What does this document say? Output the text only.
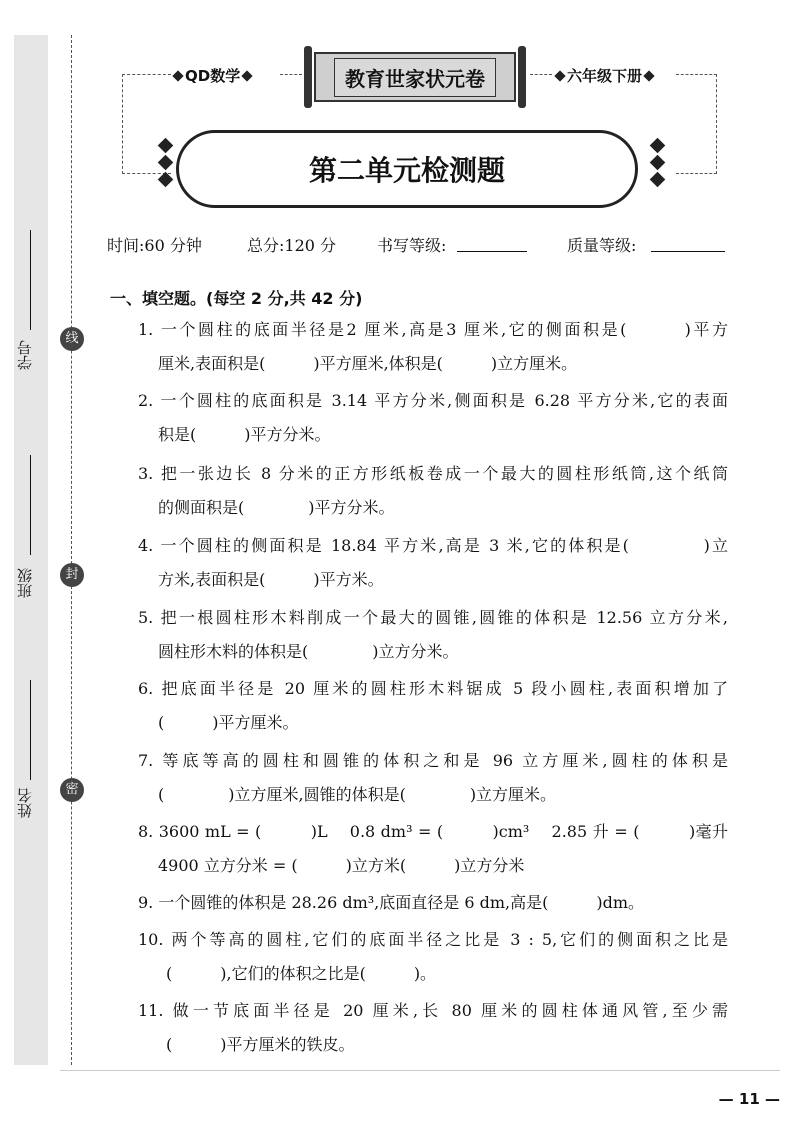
学号
班级
姓名
线
封
密
QD数学	六年级下册
教育世家状元卷
第二单元检测题
时间:60 分钟	总分:120 分	书写等级:	质量等级:
一、填空题。(每空 2 分,共 42 分)
1. 一个圆柱的底面半径是2 厘米,高是3 厘米,它的侧面积是(　　　)平方
厘米,表面积是(　　　)平方厘米,体积是(　　　)立方厘米。
2. 一个圆柱的底面积是 3.14 平方分米,侧面积是 6.28 平方分米,它的表面
积是(　　　)平方分米。
3. 把一张边长 8 分米的正方形纸板卷成一个最大的圆柱形纸筒,这个纸筒
的侧面积是(　　　　)平方分米。
4. 一个圆柱的侧面积是 18.84 平方米,高是 3 米,它的体积是(　　　　)立
方米,表面积是(　　　)平方米。
5. 把一根圆柱形木料削成一个最大的圆锥,圆锥的体积是 12.56 立方分米,
圆柱形木料的体积是(　　　　)立方分米。
6. 把底面半径是 20 厘米的圆柱形木料锯成 5 段小圆柱,表面积增加了
(　　　)平方厘米。
7. 等底等高的圆柱和圆锥的体积之和是 96 立方厘米,圆柱的体积是
(　　　　)立方厘米,圆锥的体积是(　　　　)立方厘米。
8. 3600 mL = (　　　)L　 0.8 dm³ = (　　　)cm³　 2.85 升 = (　　　)毫升
4900 立方分米 = (　　　)立方米(　　　)立方分米
9. 一个圆锥的体积是 28.26 dm³,底面直径是 6 dm,高是(　　　)dm。
10. 两个等高的圆柱,它们的底面半径之比是 3 : 5,它们的侧面积之比是
(　　　),它们的体积之比是(　　　)。
11. 做一节底面半径是 20 厘米,长 80 厘米的圆柱体通风管,至少需
(　　　)平方厘米的铁皮。
— 11 —
